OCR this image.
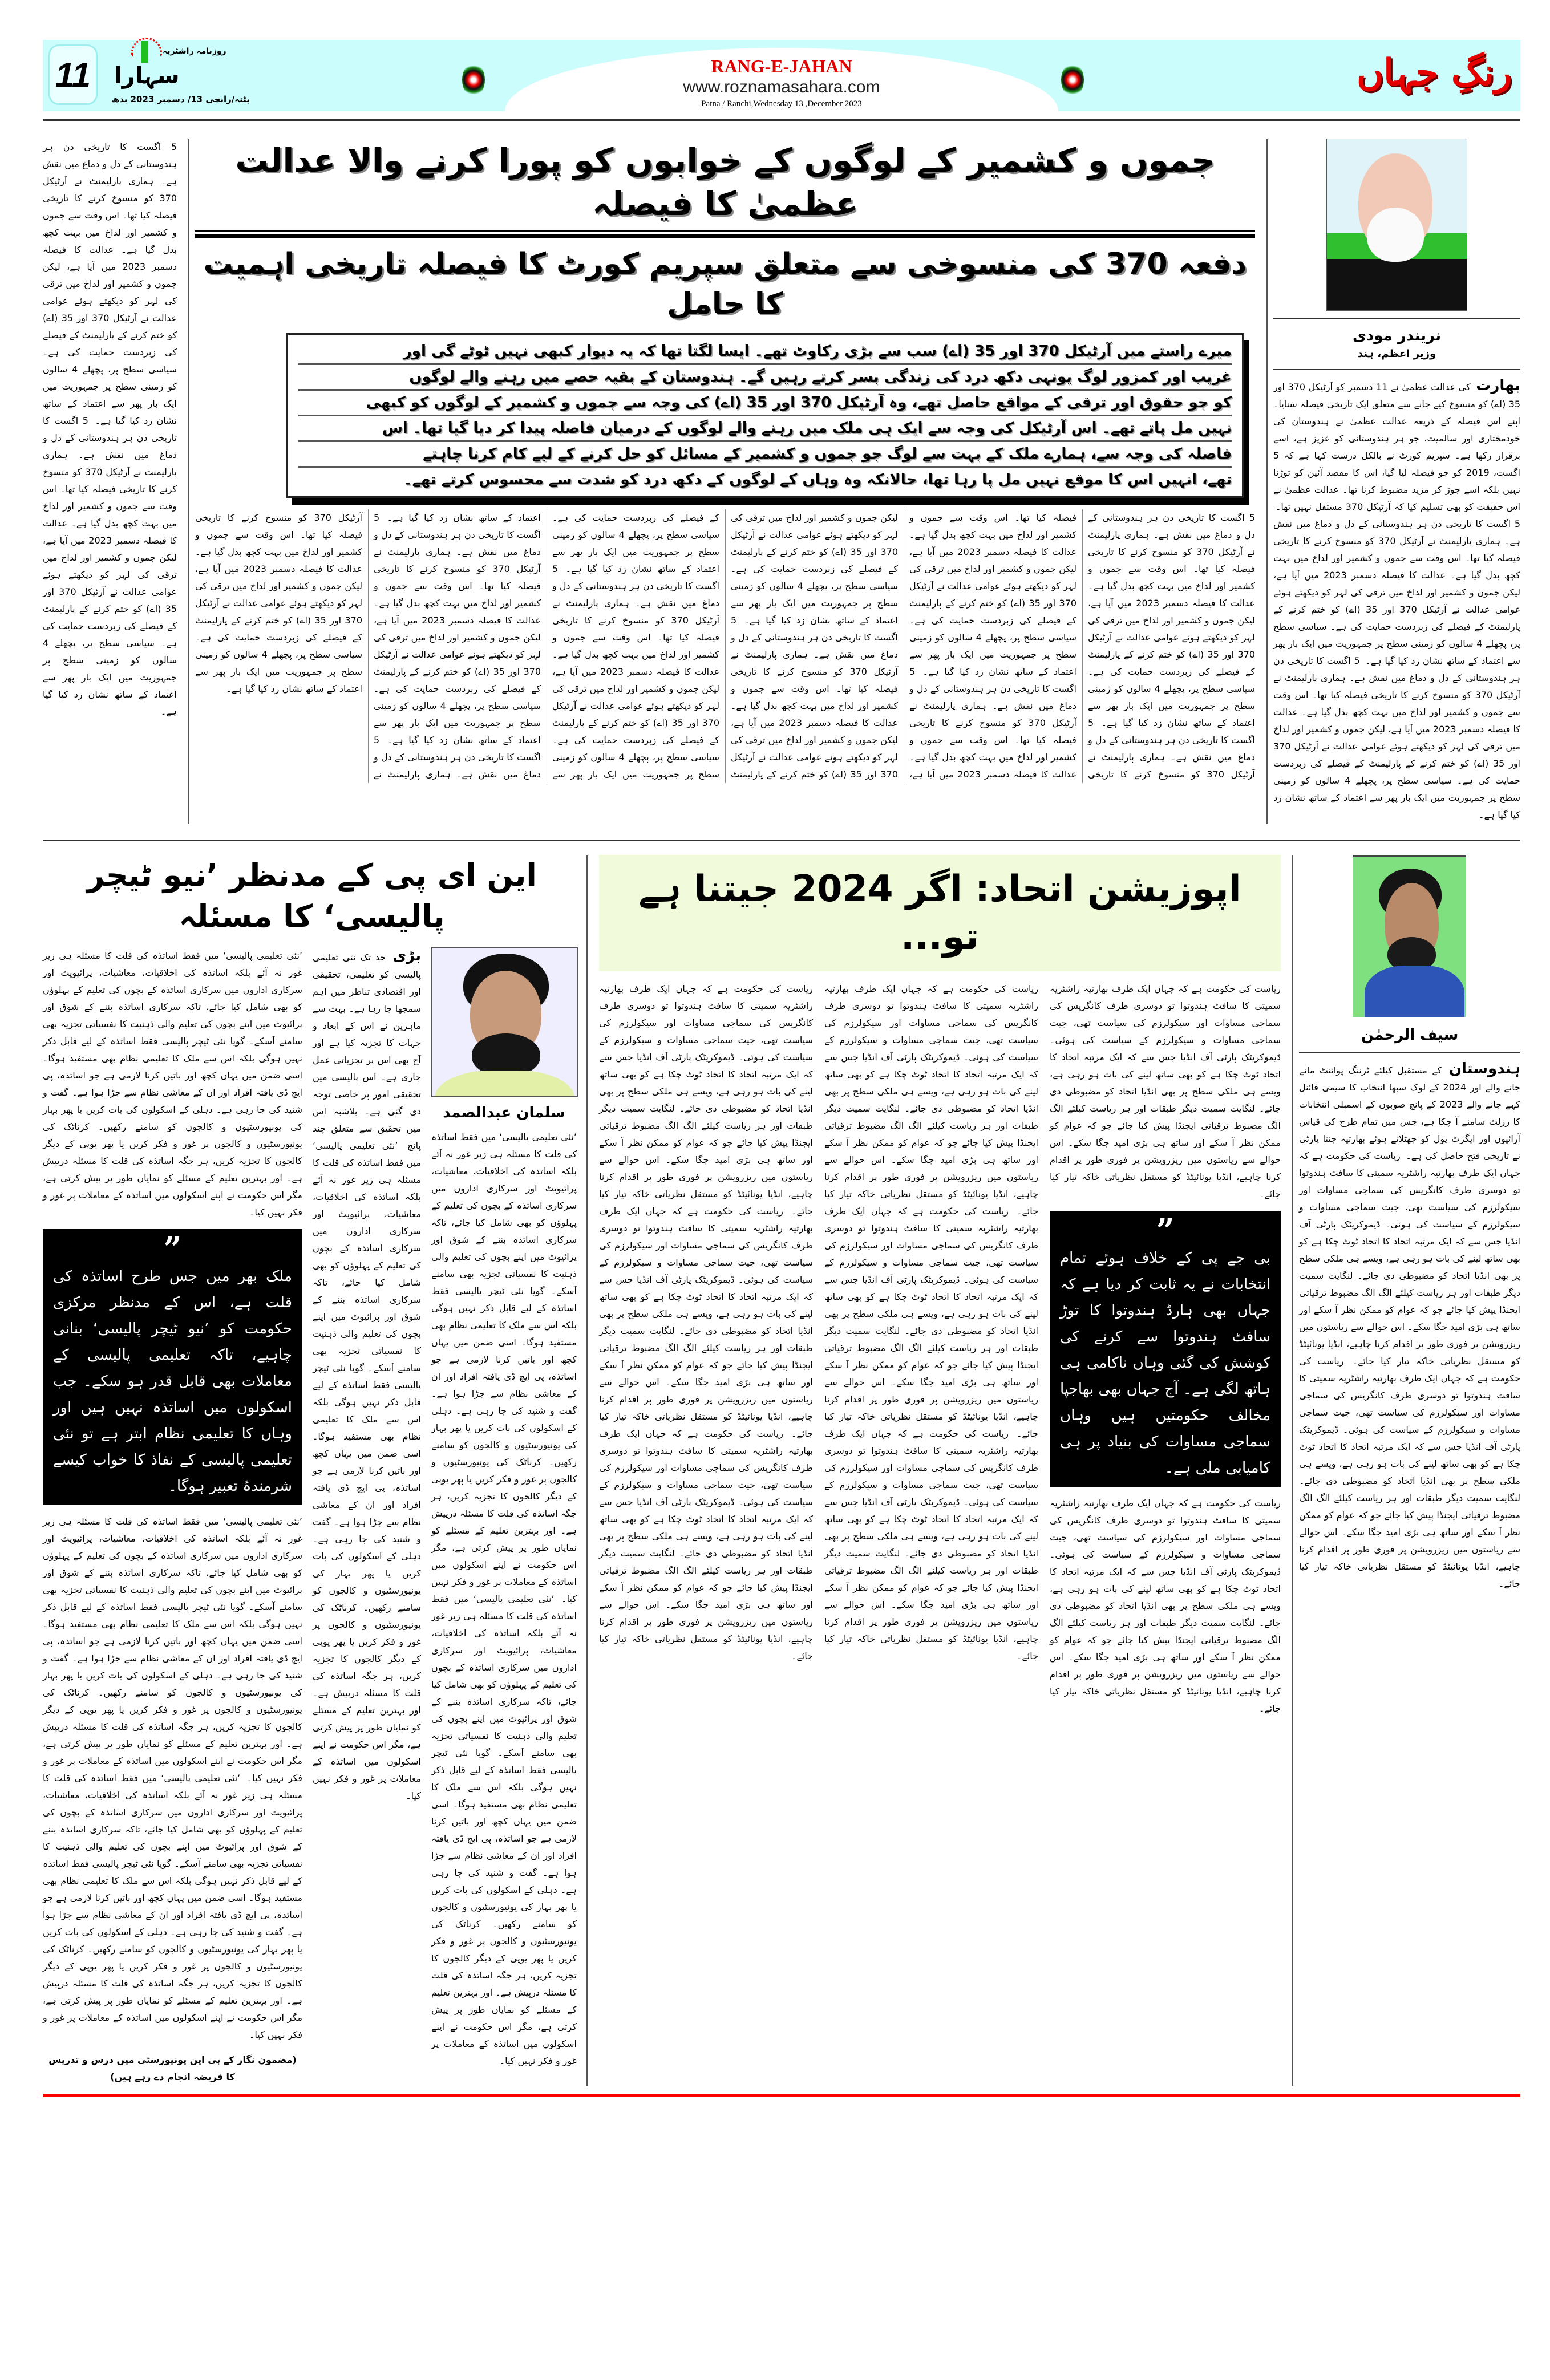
11
روزنامہ راشٹریہ
سہارا
پٹنہ/رانچی 13/ دسمبر 2023 بدھ
RANG-E-JAHAN
www.roznamasahara.com
Patna / Ranchi,Wednesday 13 ,December 2023
رنگِ جہاں
5 اگست کا تاریخی دن ہر ہندوستانی کے دل و دماغ میں نقش ہے۔ ہماری پارلیمنٹ نے آرٹیکل 370 کو منسوخ کرنے کا تاریخی فیصلہ کیا تھا۔ اس وقت سے جموں و کشمیر اور لداخ میں بہت کچھ بدل گیا ہے۔ عدالت کا فیصلہ دسمبر 2023 میں آیا ہے، لیکن جموں و کشمیر اور لداخ میں ترقی کی لہر کو دیکھتے ہوئے عوامی عدالت نے آرٹیکل 370 اور 35 (اے) کو ختم کرنے کے پارلیمنٹ کے فیصلے کی زبردست حمایت کی ہے۔ سیاسی سطح پر، پچھلے 4 سالوں کو زمینی سطح پر جمہوریت میں ایک بار پھر سے اعتماد کے ساتھ نشان زد کیا گیا ہے۔ 5 اگست کا تاریخی دن ہر ہندوستانی کے دل و دماغ میں نقش ہے۔ ہماری پارلیمنٹ نے آرٹیکل 370 کو منسوخ کرنے کا تاریخی فیصلہ کیا تھا۔ اس وقت سے جموں و کشمیر اور لداخ میں بہت کچھ بدل گیا ہے۔ عدالت کا فیصلہ دسمبر 2023 میں آیا ہے، لیکن جموں و کشمیر اور لداخ میں ترقی کی لہر کو دیکھتے ہوئے عوامی عدالت نے آرٹیکل 370 اور 35 (اے) کو ختم کرنے کے پارلیمنٹ کے فیصلے کی زبردست حمایت کی ہے۔ سیاسی سطح پر، پچھلے 4 سالوں کو زمینی سطح پر جمہوریت میں ایک بار پھر سے اعتماد کے ساتھ نشان زد کیا گیا ہے۔
جموں و کشمیر کے لوگوں کے خوابوں کو پورا کرنے والا عدالت عظمیٰ کا فیصلہ
دفعہ 370 کی منسوخی سے متعلق سپریم کورٹ کا فیصلہ تاریخی اہمیت کا حامل
میرے راستے میں آرٹیکل 370 اور 35 (اے) سب سے بڑی رکاوٹ تھے۔ ایسا لگتا تھا کہ یہ دیوار کبھی نہیں ٹوٹے گی اور
غریب اور کمزور لوگ یونہی دکھ درد کی زندگی بسر کرتے رہیں گے۔ ہندوستان کے بقیہ حصے میں رہنے والے لوگوں
کو جو حقوق اور ترقی کے مواقع حاصل تھے، وہ آرٹیکل 370 اور 35 (اے) کی وجہ سے جموں و کشمیر کے لوگوں کو کبھی
نہیں مل پاتے تھے۔ اس آرٹیکل کی وجہ سے ایک ہی ملک میں رہنے والے لوگوں کے درمیان فاصلہ پیدا کر دیا گیا تھا۔ اس
فاصلہ کی وجہ سے، ہمارے ملک کے بہت سے لوگ جو جموں و کشمیر کے مسائل کو حل کرنے کے لیے کام کرنا چاہتے
تھے، انہیں اس کا موقع نہیں مل پا رہا تھا، حالانکہ وہ وہاں کے لوگوں کے دکھ درد کو شدت سے محسوس کرتے تھے۔
5 اگست کا تاریخی دن ہر ہندوستانی کے دل و دماغ میں نقش ہے۔ ہماری پارلیمنٹ نے آرٹیکل 370 کو منسوخ کرنے کا تاریخی فیصلہ کیا تھا۔ اس وقت سے جموں و کشمیر اور لداخ میں بہت کچھ بدل گیا ہے۔ عدالت کا فیصلہ دسمبر 2023 میں آیا ہے، لیکن جموں و کشمیر اور لداخ میں ترقی کی لہر کو دیکھتے ہوئے عوامی عدالت نے آرٹیکل 370 اور 35 (اے) کو ختم کرنے کے پارلیمنٹ کے فیصلے کی زبردست حمایت کی ہے۔ سیاسی سطح پر، پچھلے 4 سالوں کو زمینی سطح پر جمہوریت میں ایک بار پھر سے اعتماد کے ساتھ نشان زد کیا گیا ہے۔ 5 اگست کا تاریخی دن ہر ہندوستانی کے دل و دماغ میں نقش ہے۔ ہماری پارلیمنٹ نے آرٹیکل 370 کو منسوخ کرنے کا تاریخی فیصلہ کیا تھا۔ اس وقت سے جموں و کشمیر اور لداخ میں بہت کچھ بدل گیا ہے۔ عدالت کا فیصلہ دسمبر 2023 میں آیا ہے، لیکن جموں و کشمیر اور لداخ میں ترقی کی لہر کو دیکھتے ہوئے عوامی عدالت نے آرٹیکل 370 اور 35 (اے) کو ختم کرنے کے پارلیمنٹ کے فیصلے کی زبردست حمایت کی ہے۔ سیاسی سطح پر، پچھلے 4 سالوں کو زمینی سطح پر جمہوریت میں ایک بار پھر سے اعتماد کے ساتھ نشان زد کیا گیا ہے۔ 5 اگست کا تاریخی دن ہر ہندوستانی کے دل و دماغ میں نقش ہے۔ ہماری پارلیمنٹ نے آرٹیکل 370 کو منسوخ کرنے کا تاریخی فیصلہ کیا تھا۔ اس وقت سے جموں و کشمیر اور لداخ میں بہت کچھ بدل گیا ہے۔ عدالت کا فیصلہ دسمبر 2023 میں آیا ہے، لیکن جموں و کشمیر اور لداخ میں ترقی کی لہر کو دیکھتے ہوئے عوامی عدالت نے آرٹیکل 370 اور 35 (اے) کو ختم کرنے کے پارلیمنٹ کے فیصلے کی زبردست حمایت کی ہے۔ سیاسی سطح پر، پچھلے 4 سالوں کو زمینی سطح پر جمہوریت میں ایک بار پھر سے اعتماد کے ساتھ نشان زد کیا گیا ہے۔ 5 اگست کا تاریخی دن ہر ہندوستانی کے دل و دماغ میں نقش ہے۔ ہماری پارلیمنٹ نے آرٹیکل 370 کو منسوخ کرنے کا تاریخی فیصلہ کیا تھا۔ اس وقت سے جموں و کشمیر اور لداخ میں بہت کچھ بدل گیا ہے۔ عدالت کا فیصلہ دسمبر 2023 میں آیا ہے، لیکن جموں و کشمیر اور لداخ میں ترقی کی لہر کو دیکھتے ہوئے عوامی عدالت نے آرٹیکل 370 اور 35 (اے) کو ختم کرنے کے پارلیمنٹ کے فیصلے کی زبردست حمایت کی ہے۔ سیاسی سطح پر، پچھلے 4 سالوں کو زمینی سطح پر جمہوریت میں ایک بار پھر سے اعتماد کے ساتھ نشان زد کیا گیا ہے۔ 5 اگست کا تاریخی دن ہر ہندوستانی کے دل و دماغ میں نقش ہے۔ ہماری پارلیمنٹ نے آرٹیکل 370 کو منسوخ کرنے کا تاریخی فیصلہ کیا تھا۔ اس وقت سے جموں و کشمیر اور لداخ میں بہت کچھ بدل گیا ہے۔ عدالت کا فیصلہ دسمبر 2023 میں آیا ہے، لیکن جموں و کشمیر اور لداخ میں ترقی کی لہر کو دیکھتے ہوئے عوامی عدالت نے آرٹیکل 370 اور 35 (اے) کو ختم کرنے کے پارلیمنٹ کے فیصلے کی زبردست حمایت کی ہے۔ سیاسی سطح پر، پچھلے 4 سالوں کو زمینی سطح پر جمہوریت میں ایک بار پھر سے اعتماد کے ساتھ نشان زد کیا گیا ہے۔ 5 اگست کا تاریخی دن ہر ہندوستانی کے دل و دماغ میں نقش ہے۔ ہماری پارلیمنٹ نے آرٹیکل 370 کو منسوخ کرنے کا تاریخی فیصلہ کیا تھا۔ اس وقت سے جموں و کشمیر اور لداخ میں بہت کچھ بدل گیا ہے۔ عدالت کا فیصلہ دسمبر 2023 میں آیا ہے، لیکن جموں و کشمیر اور لداخ میں ترقی کی لہر کو دیکھتے ہوئے عوامی عدالت نے آرٹیکل 370 اور 35 (اے) کو ختم کرنے کے پارلیمنٹ کے فیصلے کی زبردست حمایت کی ہے۔ سیاسی سطح پر، پچھلے 4 سالوں کو زمینی سطح پر جمہوریت میں ایک بار پھر سے اعتماد کے ساتھ نشان زد کیا گیا ہے۔ 5 اگست کا تاریخی دن ہر ہندوستانی کے دل و دماغ میں نقش ہے۔ ہماری پارلیمنٹ نے آرٹیکل 370 کو منسوخ کرنے کا تاریخی فیصلہ کیا تھا۔ اس وقت سے جموں و کشمیر اور لداخ میں بہت کچھ بدل گیا ہے۔ عدالت کا فیصلہ دسمبر 2023 میں آیا ہے، لیکن جموں و کشمیر اور لداخ میں ترقی کی لہر کو دیکھتے ہوئے عوامی عدالت نے آرٹیکل 370 اور 35 (اے) کو ختم کرنے کے پارلیمنٹ کے فیصلے کی زبردست حمایت کی ہے۔ سیاسی سطح پر، پچھلے 4 سالوں کو زمینی سطح پر جمہوریت میں ایک بار پھر سے اعتماد کے ساتھ نشان زد کیا گیا ہے۔
نریندر مودی
وزیر اعظم، ہند
بھارت کی عدالت عظمیٰ نے 11 دسمبر کو آرٹیکل 370 اور 35 (اے) کو منسوخ کیے جانے سے متعلق ایک تاریخی فیصلہ سنایا۔ اپنے اس فیصلہ کے ذریعہ عدالت عظمیٰ نے ہندوستان کی خودمختاری اور سالمیت، جو ہر ہندوستانی کو عزیز ہے، اسے برقرار رکھا ہے۔ سپریم کورٹ نے بالکل درست کہا ہے کہ 5 اگست، 2019 کو جو فیصلہ لیا گیا، اس کا مقصد آئین کو توڑنا نہیں بلکہ اسے جوڑ کر مزید مضبوط کرنا تھا۔ عدالت عظمیٰ نے اس حقیقت کو بھی تسلیم کیا کہ آرٹیکل 370 مستقل نہیں تھا۔ 5 اگست کا تاریخی دن ہر ہندوستانی کے دل و دماغ میں نقش ہے۔ ہماری پارلیمنٹ نے آرٹیکل 370 کو منسوخ کرنے کا تاریخی فیصلہ کیا تھا۔ اس وقت سے جموں و کشمیر اور لداخ میں بہت کچھ بدل گیا ہے۔ عدالت کا فیصلہ دسمبر 2023 میں آیا ہے، لیکن جموں و کشمیر اور لداخ میں ترقی کی لہر کو دیکھتے ہوئے عوامی عدالت نے آرٹیکل 370 اور 35 (اے) کو ختم کرنے کے پارلیمنٹ کے فیصلے کی زبردست حمایت کی ہے۔ سیاسی سطح پر، پچھلے 4 سالوں کو زمینی سطح پر جمہوریت میں ایک بار پھر سے اعتماد کے ساتھ نشان زد کیا گیا ہے۔ 5 اگست کا تاریخی دن ہر ہندوستانی کے دل و دماغ میں نقش ہے۔ ہماری پارلیمنٹ نے آرٹیکل 370 کو منسوخ کرنے کا تاریخی فیصلہ کیا تھا۔ اس وقت سے جموں و کشمیر اور لداخ میں بہت کچھ بدل گیا ہے۔ عدالت کا فیصلہ دسمبر 2023 میں آیا ہے، لیکن جموں و کشمیر اور لداخ میں ترقی کی لہر کو دیکھتے ہوئے عوامی عدالت نے آرٹیکل 370 اور 35 (اے) کو ختم کرنے کے پارلیمنٹ کے فیصلے کی زبردست حمایت کی ہے۔ سیاسی سطح پر، پچھلے 4 سالوں کو زمینی سطح پر جمہوریت میں ایک بار پھر سے اعتماد کے ساتھ نشان زد کیا گیا ہے۔
این ای پی کے مدنظر ’نیو ٹیچر پالیسی‘ کا مسئلہ
’نئی تعلیمی پالیسی‘ میں فقط اساتذہ کی قلت کا مسئلہ ہی زیر غور نہ آئے بلکہ اساتذہ کی اخلاقیات، معاشیات، پرائیویٹ اور سرکاری اداروں میں سرکاری اساتذہ کے بچوں کی تعلیم کے پہلوؤں کو بھی شامل کیا جائے، تاکہ سرکاری اساتذہ بننے کے شوق اور پرائیوٹ میں اپنے بچوں کی تعلیم والی ذہنیت کا نفسیاتی تجزیہ بھی سامنے آسکے۔ گویا نئی ٹیچر پالیسی فقط اساتذہ کے لیے قابل ذکر نہیں ہوگی بلکہ اس سے ملک کا تعلیمی نظام بھی مستفید ہوگا۔ اسی ضمن میں یہاں کچھ اور باتیں کرنا لازمی ہے جو اساتذہ، پی ایچ ڈی یافتہ افراد اور ان کے معاشی نظام سے جڑا ہوا ہے۔ گفت و شنید کی جا رہی ہے۔ دہلی کے اسکولوں کی بات کریں یا پھر بہار کی یونیورسٹیوں و کالجوں کو سامنے رکھیں۔ کرناٹک کی یونیورسٹیوں و کالجوں پر غور و فکر کریں یا پھر یوپی کے دیگر کالجوں کا تجزیہ کریں، ہر جگہ اساتذہ کی قلت کا مسئلہ درپیش ہے۔ اور بہترین تعلیم کے مسئلے کو نمایاں طور پر پیش کرتی ہے، مگر اس حکومت نے اپنے اسکولوں میں اساتذہ کے معاملات پر غور و فکر نہیں کیا۔
”
ملک بھر میں جس طرح اساتذہ کی قلت ہے، اس کے مدنظر مرکزی حکومت کو ’نیو ٹیچر پالیسی‘ بنانی چاہیے، تاکہ تعلیمی پالیسی کے معاملات بھی قابل قدر ہو سکے۔ جب اسکولوں میں اساتذہ نہیں ہیں اور وہاں کا تعلیمی نظام ابتر ہے تو نئی تعلیمی پالیسی کے نفاذ کا خواب کیسے شرمندۂ تعبیر ہوگا۔
’نئی تعلیمی پالیسی‘ میں فقط اساتذہ کی قلت کا مسئلہ ہی زیر غور نہ آئے بلکہ اساتذہ کی اخلاقیات، معاشیات، پرائیویٹ اور سرکاری اداروں میں سرکاری اساتذہ کے بچوں کی تعلیم کے پہلوؤں کو بھی شامل کیا جائے، تاکہ سرکاری اساتذہ بننے کے شوق اور پرائیوٹ میں اپنے بچوں کی تعلیم والی ذہنیت کا نفسیاتی تجزیہ بھی سامنے آسکے۔ گویا نئی ٹیچر پالیسی فقط اساتذہ کے لیے قابل ذکر نہیں ہوگی بلکہ اس سے ملک کا تعلیمی نظام بھی مستفید ہوگا۔ اسی ضمن میں یہاں کچھ اور باتیں کرنا لازمی ہے جو اساتذہ، پی ایچ ڈی یافتہ افراد اور ان کے معاشی نظام سے جڑا ہوا ہے۔ گفت و شنید کی جا رہی ہے۔ دہلی کے اسکولوں کی بات کریں یا پھر بہار کی یونیورسٹیوں و کالجوں کو سامنے رکھیں۔ کرناٹک کی یونیورسٹیوں و کالجوں پر غور و فکر کریں یا پھر یوپی کے دیگر کالجوں کا تجزیہ کریں، ہر جگہ اساتذہ کی قلت کا مسئلہ درپیش ہے۔ اور بہترین تعلیم کے مسئلے کو نمایاں طور پر پیش کرتی ہے، مگر اس حکومت نے اپنے اسکولوں میں اساتذہ کے معاملات پر غور و فکر نہیں کیا۔ ’نئی تعلیمی پالیسی‘ میں فقط اساتذہ کی قلت کا مسئلہ ہی زیر غور نہ آئے بلکہ اساتذہ کی اخلاقیات، معاشیات، پرائیویٹ اور سرکاری اداروں میں سرکاری اساتذہ کے بچوں کی تعلیم کے پہلوؤں کو بھی شامل کیا جائے، تاکہ سرکاری اساتذہ بننے کے شوق اور پرائیوٹ میں اپنے بچوں کی تعلیم والی ذہنیت کا نفسیاتی تجزیہ بھی سامنے آسکے۔ گویا نئی ٹیچر پالیسی فقط اساتذہ کے لیے قابل ذکر نہیں ہوگی بلکہ اس سے ملک کا تعلیمی نظام بھی مستفید ہوگا۔ اسی ضمن میں یہاں کچھ اور باتیں کرنا لازمی ہے جو اساتذہ، پی ایچ ڈی یافتہ افراد اور ان کے معاشی نظام سے جڑا ہوا ہے۔ گفت و شنید کی جا رہی ہے۔ دہلی کے اسکولوں کی بات کریں یا پھر بہار کی یونیورسٹیوں و کالجوں کو سامنے رکھیں۔ کرناٹک کی یونیورسٹیوں و کالجوں پر غور و فکر کریں یا پھر یوپی کے دیگر کالجوں کا تجزیہ کریں، ہر جگہ اساتذہ کی قلت کا مسئلہ درپیش ہے۔ اور بہترین تعلیم کے مسئلے کو نمایاں طور پر پیش کرتی ہے، مگر اس حکومت نے اپنے اسکولوں میں اساتذہ کے معاملات پر غور و فکر نہیں کیا۔
(مضمون نگار کے بی این یونیورسٹی میں درس و تدریس کا فریضہ انجام دے رہے ہیں)
بڑی حد تک نئی تعلیمی پالیسی کو تعلیمی، تحقیقی اور اقتصادی تناظر میں اہم سمجھا جا رہا ہے۔ بہت سے ماہرین نے اس کے ابعاد و جہات کا تجزیہ کیا ہے اور آج بھی اس پر تجزیاتی عمل جاری ہے۔ اس پالیسی میں تحقیقی امور پر خاصی توجہ دی گئی ہے۔ بلاشبہ اس میں تحقیق سے متعلق چند پانچ ’نئی تعلیمی پالیسی‘ میں فقط اساتذہ کی قلت کا مسئلہ ہی زیر غور نہ آئے بلکہ اساتذہ کی اخلاقیات، معاشیات، پرائیویٹ اور سرکاری اداروں میں سرکاری اساتذہ کے بچوں کی تعلیم کے پہلوؤں کو بھی شامل کیا جائے، تاکہ سرکاری اساتذہ بننے کے شوق اور پرائیوٹ میں اپنے بچوں کی تعلیم والی ذہنیت کا نفسیاتی تجزیہ بھی سامنے آسکے۔ گویا نئی ٹیچر پالیسی فقط اساتذہ کے لیے قابل ذکر نہیں ہوگی بلکہ اس سے ملک کا تعلیمی نظام بھی مستفید ہوگا۔ اسی ضمن میں یہاں کچھ اور باتیں کرنا لازمی ہے جو اساتذہ، پی ایچ ڈی یافتہ افراد اور ان کے معاشی نظام سے جڑا ہوا ہے۔ گفت و شنید کی جا رہی ہے۔ دہلی کے اسکولوں کی بات کریں یا پھر بہار کی یونیورسٹیوں و کالجوں کو سامنے رکھیں۔ کرناٹک کی یونیورسٹیوں و کالجوں پر غور و فکر کریں یا پھر یوپی کے دیگر کالجوں کا تجزیہ کریں، ہر جگہ اساتذہ کی قلت کا مسئلہ درپیش ہے۔ اور بہترین تعلیم کے مسئلے کو نمایاں طور پر پیش کرتی ہے، مگر اس حکومت نے اپنے اسکولوں میں اساتذہ کے معاملات پر غور و فکر نہیں کیا۔
سلمان عبدالصمد
’نئی تعلیمی پالیسی‘ میں فقط اساتذہ کی قلت کا مسئلہ ہی زیر غور نہ آئے بلکہ اساتذہ کی اخلاقیات، معاشیات، پرائیویٹ اور سرکاری اداروں میں سرکاری اساتذہ کے بچوں کی تعلیم کے پہلوؤں کو بھی شامل کیا جائے، تاکہ سرکاری اساتذہ بننے کے شوق اور پرائیوٹ میں اپنے بچوں کی تعلیم والی ذہنیت کا نفسیاتی تجزیہ بھی سامنے آسکے۔ گویا نئی ٹیچر پالیسی فقط اساتذہ کے لیے قابل ذکر نہیں ہوگی بلکہ اس سے ملک کا تعلیمی نظام بھی مستفید ہوگا۔ اسی ضمن میں یہاں کچھ اور باتیں کرنا لازمی ہے جو اساتذہ، پی ایچ ڈی یافتہ افراد اور ان کے معاشی نظام سے جڑا ہوا ہے۔ گفت و شنید کی جا رہی ہے۔ دہلی کے اسکولوں کی بات کریں یا پھر بہار کی یونیورسٹیوں و کالجوں کو سامنے رکھیں۔ کرناٹک کی یونیورسٹیوں و کالجوں پر غور و فکر کریں یا پھر یوپی کے دیگر کالجوں کا تجزیہ کریں، ہر جگہ اساتذہ کی قلت کا مسئلہ درپیش ہے۔ اور بہترین تعلیم کے مسئلے کو نمایاں طور پر پیش کرتی ہے، مگر اس حکومت نے اپنے اسکولوں میں اساتذہ کے معاملات پر غور و فکر نہیں کیا۔ ’نئی تعلیمی پالیسی‘ میں فقط اساتذہ کی قلت کا مسئلہ ہی زیر غور نہ آئے بلکہ اساتذہ کی اخلاقیات، معاشیات، پرائیویٹ اور سرکاری اداروں میں سرکاری اساتذہ کے بچوں کی تعلیم کے پہلوؤں کو بھی شامل کیا جائے، تاکہ سرکاری اساتذہ بننے کے شوق اور پرائیوٹ میں اپنے بچوں کی تعلیم والی ذہنیت کا نفسیاتی تجزیہ بھی سامنے آسکے۔ گویا نئی ٹیچر پالیسی فقط اساتذہ کے لیے قابل ذکر نہیں ہوگی بلکہ اس سے ملک کا تعلیمی نظام بھی مستفید ہوگا۔ اسی ضمن میں یہاں کچھ اور باتیں کرنا لازمی ہے جو اساتذہ، پی ایچ ڈی یافتہ افراد اور ان کے معاشی نظام سے جڑا ہوا ہے۔ گفت و شنید کی جا رہی ہے۔ دہلی کے اسکولوں کی بات کریں یا پھر بہار کی یونیورسٹیوں و کالجوں کو سامنے رکھیں۔ کرناٹک کی یونیورسٹیوں و کالجوں پر غور و فکر کریں یا پھر یوپی کے دیگر کالجوں کا تجزیہ کریں، ہر جگہ اساتذہ کی قلت کا مسئلہ درپیش ہے۔ اور بہترین تعلیم کے مسئلے کو نمایاں طور پر پیش کرتی ہے، مگر اس حکومت نے اپنے اسکولوں میں اساتذہ کے معاملات پر غور و فکر نہیں کیا۔
اپوزیشن اتحاد: اگر 2024 جیتنا ہے تو...
ریاست کی حکومت ہے کہ جہاں ایک طرف بھارتیہ راشٹریہ سمیتی کا سافٹ ہندوتوا تو دوسری طرف کانگریس کی سماجی مساوات اور سیکولرزم کی سیاست تھی، جیت سماجی مساوات و سیکولرزم کے سیاست کی ہوئی۔ ڈیموکریٹک پارٹی آف انڈیا جس سے کہ ایک مرتبہ اتحاد کا اتحاد ٹوٹ چکا ہے کو بھی ساتھ لینے کی بات ہو رہی ہے، ویسے ہی ملکی سطح پر بھی انڈیا اتحاد کو مضبوطی دی جائے۔ لنگایت سمیت دیگر طبقات اور ہر ریاست کیلئے الگ الگ مضبوط ترقیاتی ایجنڈا پیش کیا جائے جو کہ عوام کو ممکن نظر آ سکے اور ساتھ ہی بڑی امید جگا سکے۔ اس حوالے سے ریاستوں میں ریزرویشن پر فوری طور پر اقدام کرنا چاہیے، انڈیا یونائیٹڈ کو مستقل نظریاتی خاکہ تیار کیا جائے۔ ریاست کی حکومت ہے کہ جہاں ایک طرف بھارتیہ راشٹریہ سمیتی کا سافٹ ہندوتوا تو دوسری طرف کانگریس کی سماجی مساوات اور سیکولرزم کی سیاست تھی، جیت سماجی مساوات و سیکولرزم کے سیاست کی ہوئی۔ ڈیموکریٹک پارٹی آف انڈیا جس سے کہ ایک مرتبہ اتحاد کا اتحاد ٹوٹ چکا ہے کو بھی ساتھ لینے کی بات ہو رہی ہے، ویسے ہی ملکی سطح پر بھی انڈیا اتحاد کو مضبوطی دی جائے۔ لنگایت سمیت دیگر طبقات اور ہر ریاست کیلئے الگ الگ مضبوط ترقیاتی ایجنڈا پیش کیا جائے جو کہ عوام کو ممکن نظر آ سکے اور ساتھ ہی بڑی امید جگا سکے۔ اس حوالے سے ریاستوں میں ریزرویشن پر فوری طور پر اقدام کرنا چاہیے، انڈیا یونائیٹڈ کو مستقل نظریاتی خاکہ تیار کیا جائے۔ ریاست کی حکومت ہے کہ جہاں ایک طرف بھارتیہ راشٹریہ سمیتی کا سافٹ ہندوتوا تو دوسری طرف کانگریس کی سماجی مساوات اور سیکولرزم کی سیاست تھی، جیت سماجی مساوات و سیکولرزم کے سیاست کی ہوئی۔ ڈیموکریٹک پارٹی آف انڈیا جس سے کہ ایک مرتبہ اتحاد کا اتحاد ٹوٹ چکا ہے کو بھی ساتھ لینے کی بات ہو رہی ہے، ویسے ہی ملکی سطح پر بھی انڈیا اتحاد کو مضبوطی دی جائے۔ لنگایت سمیت دیگر طبقات اور ہر ریاست کیلئے الگ الگ مضبوط ترقیاتی ایجنڈا پیش کیا جائے جو کہ عوام کو ممکن نظر آ سکے اور ساتھ ہی بڑی امید جگا سکے۔ اس حوالے سے ریاستوں میں ریزرویشن پر فوری طور پر اقدام کرنا چاہیے، انڈیا یونائیٹڈ کو مستقل نظریاتی خاکہ تیار کیا جائے۔
ریاست کی حکومت ہے کہ جہاں ایک طرف بھارتیہ راشٹریہ سمیتی کا سافٹ ہندوتوا تو دوسری طرف کانگریس کی سماجی مساوات اور سیکولرزم کی سیاست تھی، جیت سماجی مساوات و سیکولرزم کے سیاست کی ہوئی۔ ڈیموکریٹک پارٹی آف انڈیا جس سے کہ ایک مرتبہ اتحاد کا اتحاد ٹوٹ چکا ہے کو بھی ساتھ لینے کی بات ہو رہی ہے، ویسے ہی ملکی سطح پر بھی انڈیا اتحاد کو مضبوطی دی جائے۔ لنگایت سمیت دیگر طبقات اور ہر ریاست کیلئے الگ الگ مضبوط ترقیاتی ایجنڈا پیش کیا جائے جو کہ عوام کو ممکن نظر آ سکے اور ساتھ ہی بڑی امید جگا سکے۔ اس حوالے سے ریاستوں میں ریزرویشن پر فوری طور پر اقدام کرنا چاہیے، انڈیا یونائیٹڈ کو مستقل نظریاتی خاکہ تیار کیا جائے۔ ریاست کی حکومت ہے کہ جہاں ایک طرف بھارتیہ راشٹریہ سمیتی کا سافٹ ہندوتوا تو دوسری طرف کانگریس کی سماجی مساوات اور سیکولرزم کی سیاست تھی، جیت سماجی مساوات و سیکولرزم کے سیاست کی ہوئی۔ ڈیموکریٹک پارٹی آف انڈیا جس سے کہ ایک مرتبہ اتحاد کا اتحاد ٹوٹ چکا ہے کو بھی ساتھ لینے کی بات ہو رہی ہے، ویسے ہی ملکی سطح پر بھی انڈیا اتحاد کو مضبوطی دی جائے۔ لنگایت سمیت دیگر طبقات اور ہر ریاست کیلئے الگ الگ مضبوط ترقیاتی ایجنڈا پیش کیا جائے جو کہ عوام کو ممکن نظر آ سکے اور ساتھ ہی بڑی امید جگا سکے۔ اس حوالے سے ریاستوں میں ریزرویشن پر فوری طور پر اقدام کرنا چاہیے، انڈیا یونائیٹڈ کو مستقل نظریاتی خاکہ تیار کیا جائے۔ ریاست کی حکومت ہے کہ جہاں ایک طرف بھارتیہ راشٹریہ سمیتی کا سافٹ ہندوتوا تو دوسری طرف کانگریس کی سماجی مساوات اور سیکولرزم کی سیاست تھی، جیت سماجی مساوات و سیکولرزم کے سیاست کی ہوئی۔ ڈیموکریٹک پارٹی آف انڈیا جس سے کہ ایک مرتبہ اتحاد کا اتحاد ٹوٹ چکا ہے کو بھی ساتھ لینے کی بات ہو رہی ہے، ویسے ہی ملکی سطح پر بھی انڈیا اتحاد کو مضبوطی دی جائے۔ لنگایت سمیت دیگر طبقات اور ہر ریاست کیلئے الگ الگ مضبوط ترقیاتی ایجنڈا پیش کیا جائے جو کہ عوام کو ممکن نظر آ سکے اور ساتھ ہی بڑی امید جگا سکے۔ اس حوالے سے ریاستوں میں ریزرویشن پر فوری طور پر اقدام کرنا چاہیے، انڈیا یونائیٹڈ کو مستقل نظریاتی خاکہ تیار کیا جائے۔
ریاست کی حکومت ہے کہ جہاں ایک طرف بھارتیہ راشٹریہ سمیتی کا سافٹ ہندوتوا تو دوسری طرف کانگریس کی سماجی مساوات اور سیکولرزم کی سیاست تھی، جیت سماجی مساوات و سیکولرزم کے سیاست کی ہوئی۔ ڈیموکریٹک پارٹی آف انڈیا جس سے کہ ایک مرتبہ اتحاد کا اتحاد ٹوٹ چکا ہے کو بھی ساتھ لینے کی بات ہو رہی ہے، ویسے ہی ملکی سطح پر بھی انڈیا اتحاد کو مضبوطی دی جائے۔ لنگایت سمیت دیگر طبقات اور ہر ریاست کیلئے الگ الگ مضبوط ترقیاتی ایجنڈا پیش کیا جائے جو کہ عوام کو ممکن نظر آ سکے اور ساتھ ہی بڑی امید جگا سکے۔ اس حوالے سے ریاستوں میں ریزرویشن پر فوری طور پر اقدام کرنا چاہیے، انڈیا یونائیٹڈ کو مستقل نظریاتی خاکہ تیار کیا جائے۔
”
بی جے پی کے خلاف ہوئے تمام انتخابات نے یہ ثابت کر دیا ہے کہ جہاں بھی ہارڈ ہندوتوا کا توڑ سافٹ ہندوتوا سے کرنے کی کوشش کی گئی وہاں ناکامی ہی ہاتھ لگی ہے۔ آج جہاں بھی بھاجپا مخالف حکومتیں ہیں وہاں سماجی مساوات کی بنیاد پر ہی کامیابی ملی ہے۔
ریاست کی حکومت ہے کہ جہاں ایک طرف بھارتیہ راشٹریہ سمیتی کا سافٹ ہندوتوا تو دوسری طرف کانگریس کی سماجی مساوات اور سیکولرزم کی سیاست تھی، جیت سماجی مساوات و سیکولرزم کے سیاست کی ہوئی۔ ڈیموکریٹک پارٹی آف انڈیا جس سے کہ ایک مرتبہ اتحاد کا اتحاد ٹوٹ چکا ہے کو بھی ساتھ لینے کی بات ہو رہی ہے، ویسے ہی ملکی سطح پر بھی انڈیا اتحاد کو مضبوطی دی جائے۔ لنگایت سمیت دیگر طبقات اور ہر ریاست کیلئے الگ الگ مضبوط ترقیاتی ایجنڈا پیش کیا جائے جو کہ عوام کو ممکن نظر آ سکے اور ساتھ ہی بڑی امید جگا سکے۔ اس حوالے سے ریاستوں میں ریزرویشن پر فوری طور پر اقدام کرنا چاہیے، انڈیا یونائیٹڈ کو مستقل نظریاتی خاکہ تیار کیا جائے۔
سیف الرحمٰن
ہندوستان کے مستقبل کیلئے ٹرننگ پوائنٹ مانے جانے والے اور 2024 کے لوک سبھا انتخاب کا سیمی فائنل کہے جانے والے 2023 کے پانچ صوبوں کے اسمبلی انتخابات کا رزلٹ سامنے آ چکا ہے، جس میں تمام طرح کی قیاس آرائیوں اور ایگزٹ پول کو جھٹلاتے ہوئے بھارتیہ جنتا پارٹی نے تاریخی فتح حاصل کی ہے۔ ریاست کی حکومت ہے کہ جہاں ایک طرف بھارتیہ راشٹریہ سمیتی کا سافٹ ہندوتوا تو دوسری طرف کانگریس کی سماجی مساوات اور سیکولرزم کی سیاست تھی، جیت سماجی مساوات و سیکولرزم کے سیاست کی ہوئی۔ ڈیموکریٹک پارٹی آف انڈیا جس سے کہ ایک مرتبہ اتحاد کا اتحاد ٹوٹ چکا ہے کو بھی ساتھ لینے کی بات ہو رہی ہے، ویسے ہی ملکی سطح پر بھی انڈیا اتحاد کو مضبوطی دی جائے۔ لنگایت سمیت دیگر طبقات اور ہر ریاست کیلئے الگ الگ مضبوط ترقیاتی ایجنڈا پیش کیا جائے جو کہ عوام کو ممکن نظر آ سکے اور ساتھ ہی بڑی امید جگا سکے۔ اس حوالے سے ریاستوں میں ریزرویشن پر فوری طور پر اقدام کرنا چاہیے، انڈیا یونائیٹڈ کو مستقل نظریاتی خاکہ تیار کیا جائے۔ ریاست کی حکومت ہے کہ جہاں ایک طرف بھارتیہ راشٹریہ سمیتی کا سافٹ ہندوتوا تو دوسری طرف کانگریس کی سماجی مساوات اور سیکولرزم کی سیاست تھی، جیت سماجی مساوات و سیکولرزم کے سیاست کی ہوئی۔ ڈیموکریٹک پارٹی آف انڈیا جس سے کہ ایک مرتبہ اتحاد کا اتحاد ٹوٹ چکا ہے کو بھی ساتھ لینے کی بات ہو رہی ہے، ویسے ہی ملکی سطح پر بھی انڈیا اتحاد کو مضبوطی دی جائے۔ لنگایت سمیت دیگر طبقات اور ہر ریاست کیلئے الگ الگ مضبوط ترقیاتی ایجنڈا پیش کیا جائے جو کہ عوام کو ممکن نظر آ سکے اور ساتھ ہی بڑی امید جگا سکے۔ اس حوالے سے ریاستوں میں ریزرویشن پر فوری طور پر اقدام کرنا چاہیے، انڈیا یونائیٹڈ کو مستقل نظریاتی خاکہ تیار کیا جائے۔
